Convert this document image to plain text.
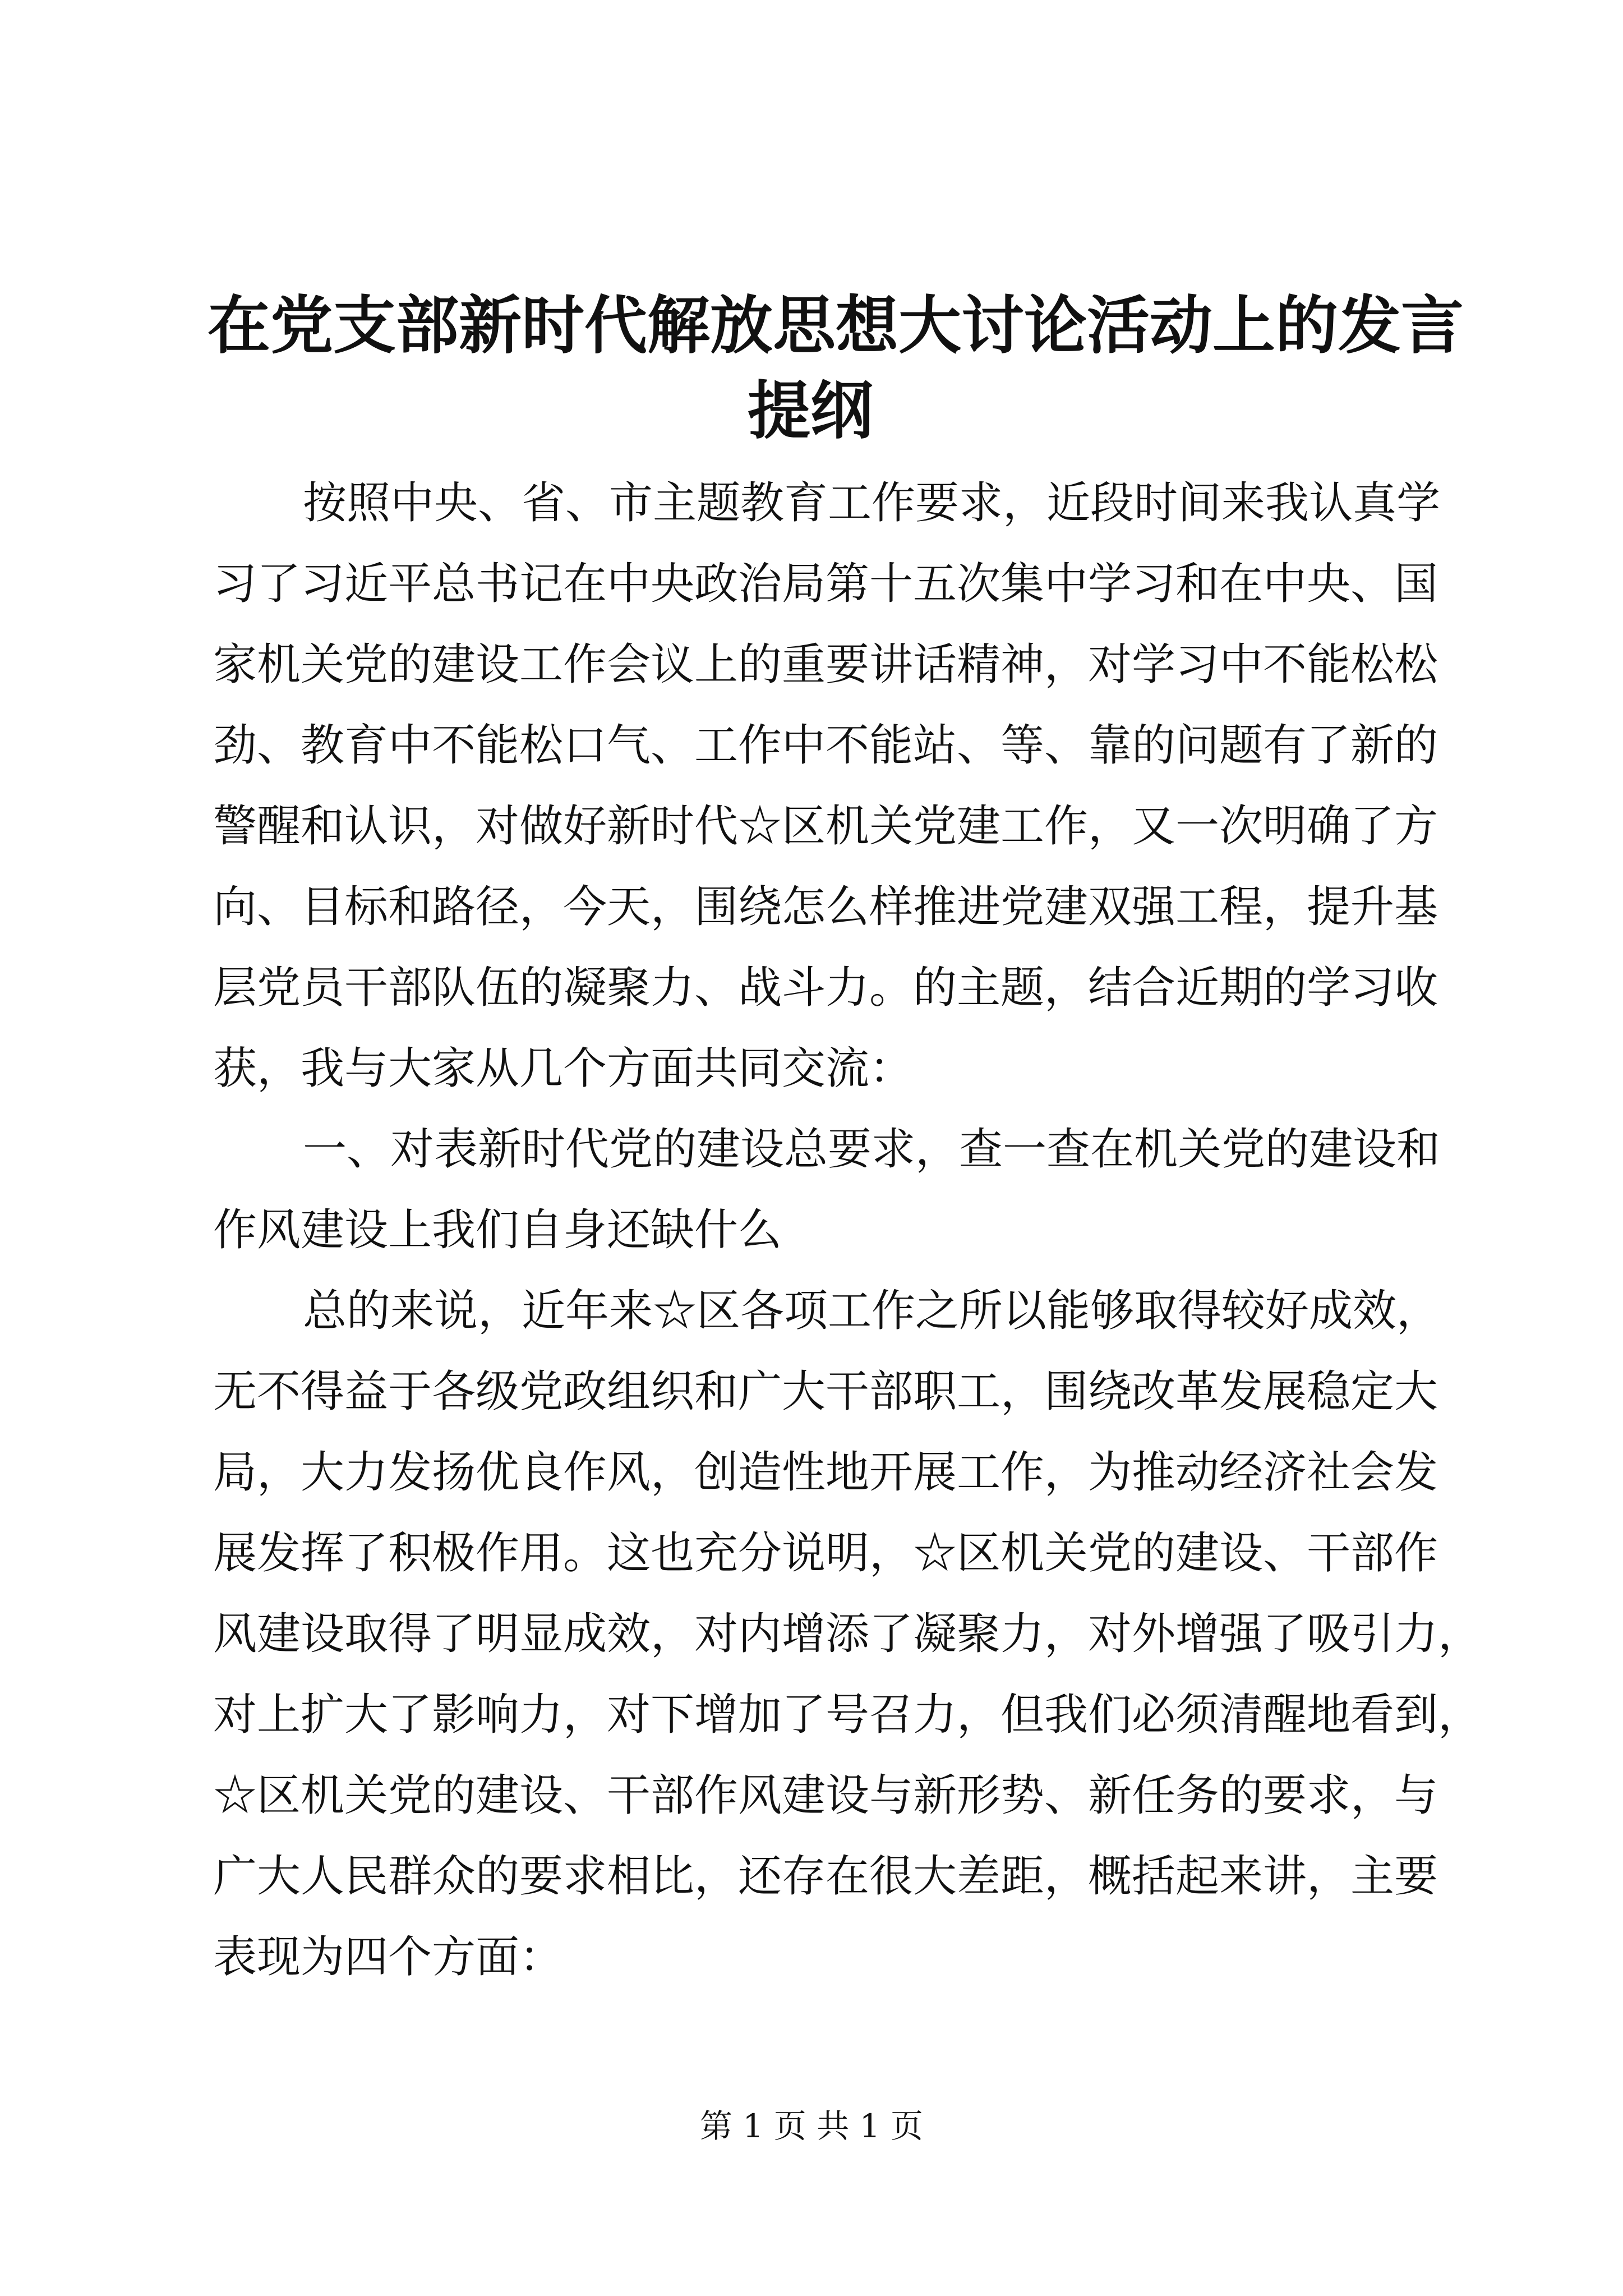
在党支部新时代解放思想大讨论活动上的发言
提纲
按照中央、省、市主题教育工作要求，近段时间来我认真学
习了习近平总书记在中央政治局第十五次集中学习和在中央、国
家机关党的建设工作会议上的重要讲话精神，对学习中不能松松
劲、教育中不能松口气、工作中不能站、等、靠的问题有了新的
警醒和认识，对做好新时代☆区机关党建工作，又一次明确了方
向、目标和路径，今天，围绕怎么样推进党建双强工程，提升基
层党员干部队伍的凝聚力、战斗力。的主题，结合近期的学习收
获，我与大家从几个方面共同交流：
一、对表新时代党的建设总要求，查一查在机关党的建设和
作风建设上我们自身还缺什么
总的来说，近年来☆区各项工作之所以能够取得较好成效，
无不得益于各级党政组织和广大干部职工，围绕改革发展稳定大
局，大力发扬优良作风，创造性地开展工作，为推动经济社会发
展发挥了积极作用。这也充分说明，☆区机关党的建设、干部作
风建设取得了明显成效，对内增添了凝聚力，对外增强了吸引力，
对上扩大了影响力，对下增加了号召力，但我们必须清醒地看到，
☆区机关党的建设、干部作风建设与新形势、新任务的要求，与
广大人民群众的要求相比，还存在很大差距，概括起来讲，主要
表现为四个方面：
第 1 页 共 1 页
